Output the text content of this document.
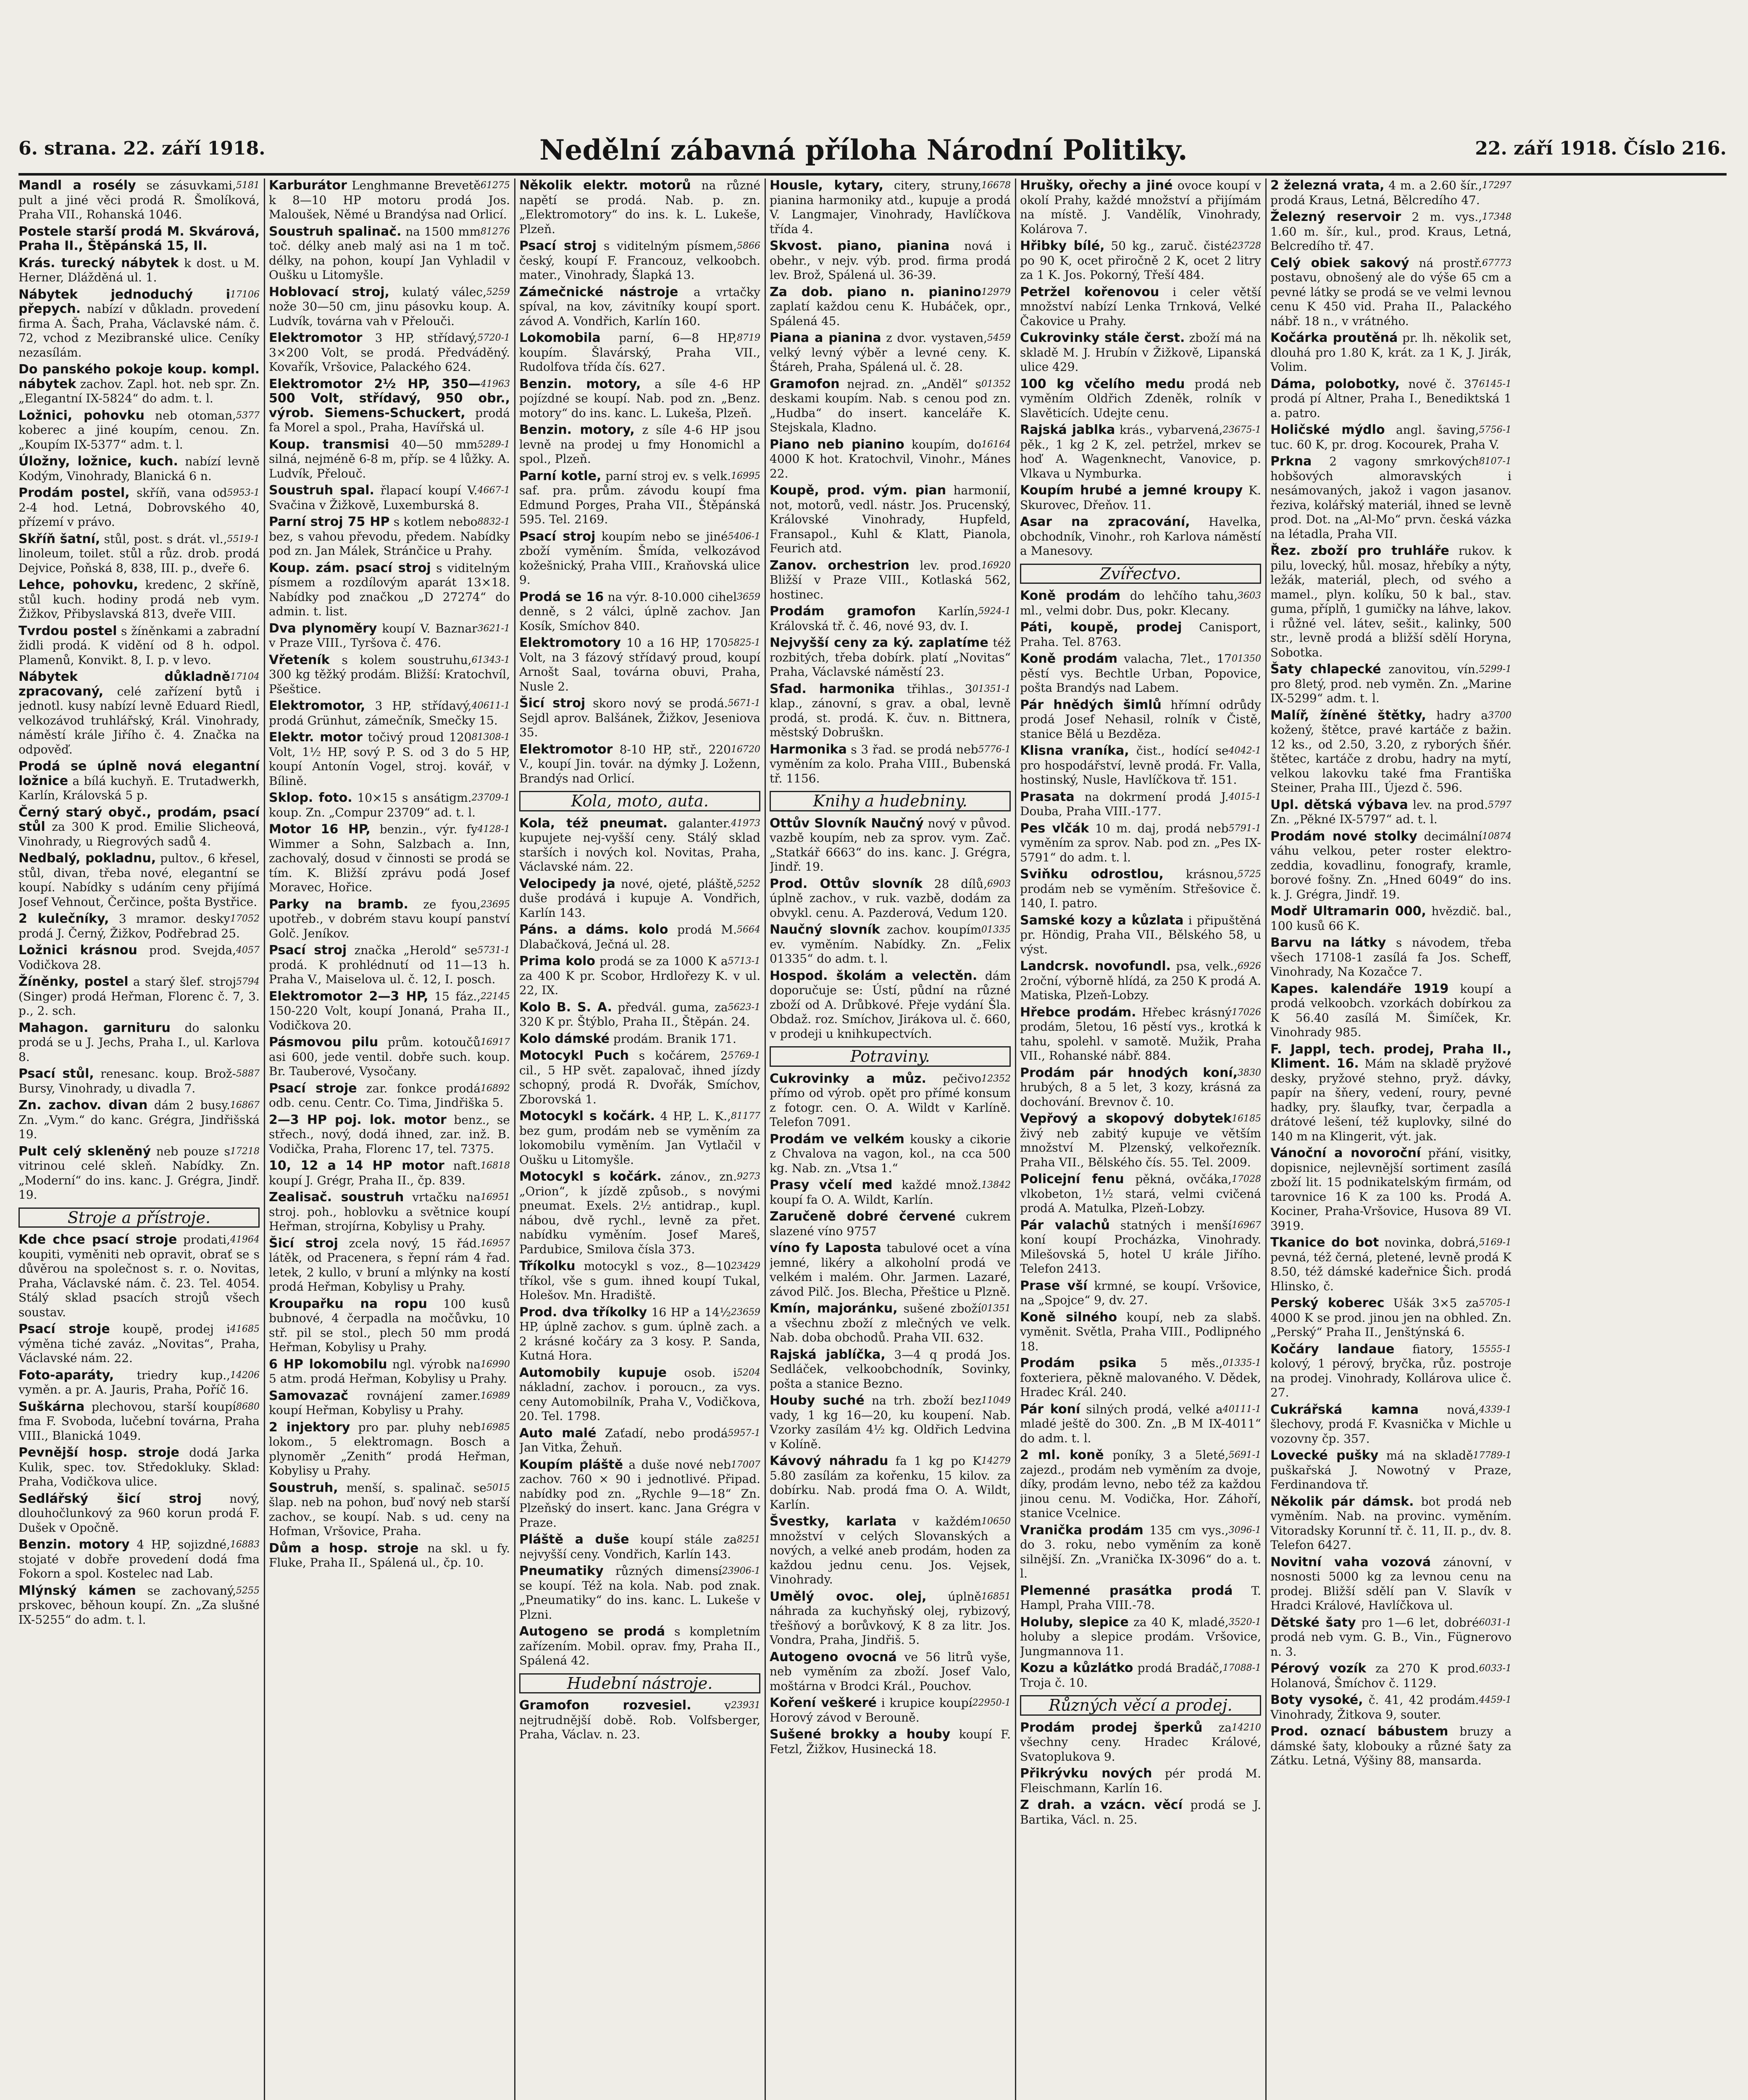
6. strana. 22. září 1918.	Nedělní zábavná příloha Národní Politiky.	22. září 1918. Číslo 216.
5181
Mandl a rosély se zásuvkami, pult a jiné věci prodá R. Šmolíková, Praha VII., Rohanská 1046.
Postele starší prodá M. Skvárová, Praha II., Štěpánská 15, II.
Krás. turecký nábytek k dost. u M. Herner, Dlážděná ul. 1.
17106
Nábytek jednoduchý i přepych. nabízí v důkladn. provedení firma A. Šach, Praha, Václavské nám. č. 72, vchod z Mezibranské ulice. Ceníky nezasílám.
Do panského pokoje koup. kompl. nábytek zachov. Zapl. hot. neb spr. Zn. „Elegantní IX-5824“ do adm. t. l.
5377
Ložnici, pohovku neb otoman, koberec a jiné koupím, cenou. Zn. „Koupím IX-5377“ adm. t. l.
Úložny, ložnice, kuch. nabízí levně Kodým, Vinohrady, Blanická 6 n.
5953-1
Prodám postel, skříň, vana od 2-4 hod. Letná, Dobrovského 40, přízemí v právo.
5519-1
Skříň šatní, stůl, post. s drát. vl., linoleum, toilet. stůl a růz. drob. prodá Dejvice, Poňská 8, 838, III. p., dveře 6.
Lehce, pohovku, kredenc, 2 skříně, stůl kuch. hodiny prodá neb vym. Žižkov, Přibyslavská 813, dveře VIII.
Tvrdou postel s žíněnkami a zabradní židli prodá. K vidění od 8 h. odpol. Plamenů, Konvikt. 8, I. p. v levo.
17104
Nábytek důkladně zpracovaný, celé zařízení bytů i jednotl. kusy nabízí levně Eduard Riedl, velkozávod truhlářský, Král. Vinohrady, náměstí krále Jiřího č. 4. Značka na odpověď.
Prodá se úplně nová elegantní ložnice a bílá kuchyň. E. Trutadwerkh, Karlín, Královská 5 p.
Černý starý obyč., prodám, psací stůl za 300 K prod. Emilie Slicheová, Vinohrady, u Riegrových sadů 4.
Nedbalý, pokladnu, pultov., 6 křesel, stůl, divan, třeba nové, elegantní se koupí. Nabídky s udáním ceny přijímá Josef Vehnout, Čerčince, pošta Bystřice.
17052
2 kulečníky, 3 mramor. desky prodá J. Černý, Žižkov, Podřebrad 25.
4057
Ložnici krásnou prod. Svejda, Vodičkova 28.
5794
Žíněnky, postel a starý šlef. stroj (Singer) prodá Heřman, Florenc č. 7, 3. p., 2. sch.
Mahagon. garnituru do salonku prodá se u J. Jechs, Praha I., ul. Karlova 8.
5887
Psací stůl, renesanc. koup. Brož-Bursy, Vinohrady, u divadla 7.
16867
Zn. zachov. divan dám 2 busy. Zn. „Vym.“ do kanc. Grégra, Jindřišská 19.
17218
Pult celý skleněný neb pouze s vitrinou celé skleň. Nabídky. Zn. „Moderní“ do ins. kanc. J. Grégra, Jindř. 19.
Stroje a přístroje.
41964
Kde chce psací stroje prodati, koupiti, vyměniti neb opravit, obrať se s důvěrou na společnost s. r. o. Novitas, Praha, Václavské nám. č. 23. Tel. 4054. Stálý sklad psacích strojů všech soustav.
41685
Psací stroje koupě, prodej i výměna tiché zaváz. „Novitas“, Praha, Václavské nám. 22.
14206
Foto-aparáty, triedry kup., vyměn. a pr. A. Jauris, Praha, Poříč 16.
8680
Suškárna plechovou, starší koupí fma F. Svoboda, lučební továrna, Praha VIII., Blanická 1049.
Pevnější hosp. stroje dodá Jarka Kulik, spec. tov. Středokluky. Sklad: Praha, Vodičkova ulice.
Sedlářský šicí stroj nový, dlouhočlunkový za 960 korun prodá F. Dušek v Opočně.
16883
Benzin. motory 4 HP, sojizdné, stojaté v dobře provedení dodá fma Fokorn a spol. Kostelec nad Lab.
5255
Mlýnský kámen se zachovaný, prskovec, běhoun koupí. Zn. „Za slušné IX-5255“ do adm. t. l.
61275
Karburátor Lenghmanne Brevetě k 8—10 HP motoru prodá Jos. Maloušek, Němé u Brandýsa nad Orlicí.
81276
Soustruh spalinač. na 1500 mm toč. délky aneb malý asi na 1 m toč. délky, na pohon, koupí Jan Vyhladil v Oušku u Litomyšle.
5259
Hoblovací stroj, kulatý válec, nože 30—50 cm, jinu pásovku koup. A. Ludvík, továrna vah v Přelouči.
5720-1
Elektromotor 3 HP, střídavý, 3×200 Volt, se prodá. Předváděný. Kovařík, Vršovice, Palackého 624.
41963
Elektromotor 2½ HP, 350—500 Volt, střídavý, 950 obr., výrob. Siemens-Schuckert, prodá fa Morel a spol., Praha, Havířská ul.
5289-1
Koup. transmisi 40—50 mm silná, nejméně 6-8 m, příp. se 4 lůžky. A. Ludvík, Přelouč.
4667-1
Soustruh spal. řlapací koupí V. Svačina v Žižkově, Luxemburská 8.
8832-1
Parní stroj 75 HP s kotlem nebo bez, s vahou převodu, předem. Nabídky pod zn. Jan Málek, Stránčice u Prahy.
Koup. zám. psací stroj s viditelným písmem a rozdílovým aparát 13×18. Nabídky pod značkou „D 27274“ do admin. t. list.
3621-1
Dva plynoměry koupí V. Baznar v Praze VIII., Tyršova č. 476.
61343-1
Vřeteník s kolem soustruhu, 300 kg těžký prodám. Bližší: Kratochvíl, Pšeštice.
40611-1
Elektromotor, 3 HP, střídavý, prodá Grünhut, zámečník, Smečky 15.
81308-1
Elektr. motor točivý proud 120 Volt, 1½ HP, sový P. S. od 3 do 5 HP, koupí Antonín Vogel, stroj. kovář, v Bílině.
23709-1
Sklop. foto. 10×15 s ansátigm. koup. Zn. „Compur 23709“ ad. t. l.
4128-1
Motor 16 HP, benzin., výr. fy Wimmer a Sohn, Salzbach a. Inn, zachovalý, dosud v činnosti se prodá se tím. K. Bližší zprávu podá Josef Moravec, Hořice.
23695
Parky na bramb. ze fyou, upotřeb., v dobrém stavu koupí panství Golč. Jeníkov.
5731-1
Psací stroj značka „Herold“ se prodá. K prohlédnutí od 11—13 h. Praha V., Maiselova ul. č. 12, I. posch.
22145
Elektromotor 2—3 HP, 15 fáz., 150-220 Volt, koupí Jonaná, Praha II., Vodičkova 20.
16917
Pásmovou pilu prům. kotoučů asi 600, jede ventil. dobře such. koup. Br. Tauberové, Vysočany.
16892
Psací stroje zar. fonkce prodá odb. cenu. Centr. Co. Tima, Jindřiška 5.
2—3 HP poj. lok. motor benz., se střech., nový, dodá ihned, zar. inž. B. Vodička, Praha, Florenc 17, tel. 7375.
16818
10, 12 a 14 HP motor naft. koupí J. Grégr, Praha II., čp. 839.
16951
Zealisač. soustruh vrtačku na stroj. poh., hoblovku a světnice koupí Heřman, strojírna, Kobylisy u Prahy.
16957
Šicí stroj zcela nový, 15 řád. látěk, od Pracenera, s řepní rám 4 řad. letek, 2 kullo, v bruní a mlýnky na kostí prodá Heřman, Kobylisy u Prahy.
Kroupařku na ropu 100 kusů bubnové, 4 čerpadla na močůvku, 10 stř. pil se stol., plech 50 mm prodá Heřman, Kobylisy u Prahy.
16990
6 HP lokomobilu ngl. výrobk na 5 atm. prodá Heřman, Kobylisy u Prahy.
16989
Samovazač rovnájení zamer. koupí Heřman, Kobylisy u Prahy.
16985
2 injektory pro par. pluhy neb lokom., 5 elektromagn. Bosch a plynoměr „Zenith“ prodá Heřman, Kobylisy u Prahy.
5015
Soustruh, menší, s. spalinač. se šlap. neb na pohon, buď nový neb starší zachov., se koupí. Nab. s ud. ceny na Hofman, Vršovice, Praha.
Dům a hosp. stroje na skl. u fy. Fluke, Praha II., Spálená ul., čp. 10.
Několik elektr. motorů na různé napětí se prodá. Nab. p. zn. „Elektromotory“ do ins. k. L. Lukeše, Plzeň.
5866
Psací stroj s viditelným písmem, český, koupí F. Francouz, velkoobch. mater., Vinohrady, Šlapká 13.
Zámečnické nástroje a vrtačky spíval, na kov, závitníky koupí sport. závod A. Vondřich, Karlín 160.
8719
Lokomobila parní, 6—8 HP, koupím. Šlavárský, Praha VII., Rudolfova třída čís. 627.
Benzin. motory, a síle 4-6 HP pojízdné se koupí. Nab. pod zn. „Benz. motory“ do ins. kanc. L. Lukeša, Plzeň.
Benzin. motory, z síle 4-6 HP jsou levně na prodej u fmy Honomichl a spol., Plzeň.
16995
Parní kotle, parní stroj ev. s velk. saf. pra. prům. závodu koupí fma Edmund Porges, Praha VII., Štěpánská 595. Tel. 2169.
5406-1
Psací stroj koupím nebo se jiné zboží vyměním. Šmída, velkozávod kožešnický, Praha VIII., Kraňovská ulice 9.
3659
Prodá se 16 na výr. 8-10.000 cihel denně, s 2 válci, úplně zachov. Jan Kosík, Smíchov 840.
5825-1
Elektromotory 10 a 16 HP, 170 Volt, na 3 fázový střídavý proud, koupí Arnošt Saal, továrna obuvi, Praha, Nusle 2.
5671-1
Šicí stroj skoro nový se prodá. Sejdl aprov. Balšánek, Žižkov, Jeseniova 35.
16720
Elektromotor 8-10 HP, stř., 220 V., koupí Jin. továr. na dýmky J. Loženn, Brandýs nad Orlicí.
Kola, moto, auta.
41973
Kola, též pneumat. galanter. kupujete nej-vyšší ceny. Stálý sklad starších i nových kol. Novitas, Praha, Václavské nám. 22.
5252
Velocipedy ja nové, ojeté, pláště, duše prodává i kupuje A. Vondřich, Karlín 143.
5664
Páns. a dáms. kolo prodá M. Dlabačková, Ječná ul. 28.
5713-1
Prima kolo prodá se za 1000 K a za 400 K pr. Scobor, Hrdlořezy K. v ul. 22, IX.
5623-1
Kolo B. S. A. předvál. guma, za 320 K pr. Štýblo, Praha II., Štěpán. 24.
Kolo dámské prodám. Branik 171.
5769-1
Motocykl Puch s kočárem, 2 cil., 5 HP svět. zapalovač, ihned jízdy schopný, prodá R. Dvořák, Smíchov, Zborovská 1.
81177
Motocykl s kočárk. 4 HP, L. K., bez gum, prodám neb se vyměním za lokomobilu vyměním. Jan Vytlačil v Oušku u Litomyšle.
9273
Motocykl s kočárk. zánov., zn. „Orion“, k jízdě způsob., s novými pneumat. Exels. 2½ antidrap., kupl. nábou, dvě rychl., levně za přet. nabídku vyměním. Josef Mareš, Pardubice, Smilova čísla 373.
23429
Tříkolku motocykl s voz., 8—10 tříkol, vše s gum. ihned koupí Tukal, Holešov. Mn. Hradiště.
23659
Prod. dva tříkolky 16 HP a 14½ HP, úplně zachov. s gum. úplně zach. a 2 krásné kočáry za 3 kosy. P. Sanda, Kutná Hora.
5204
Automobily kupuje osob. i nákladní, zachov. i poroucn., za vys. ceny Automobilník, Praha V., Vodičkova, 20. Tel. 1798.
5957-1
Auto malé Zaťadí, nebo prodá Jan Vitka, Žehuň.
17007
Koupím pláště a duše nové neb zachov. 760 × 90 i jednotlivé. Připad. nabídky pod zn. „Rychle 9—18“ Zn. Plzeňský do insert. kanc. Jana Grégra v Praze.
8251
Pláště a duše koupí stále za nejvyšší ceny. Vondřich, Karlín 143.
23906-1
Pneumatiky různých dimensí se koupí. Též na kola. Nab. pod znak. „Pneumatiky“ do ins. kanc. L. Lukeše v Plzni.
Autogeno se prodá s kompletním zařízením. Mobil. oprav. fmy, Praha II., Spálená 42.
Hudební nástroje.
23931
Gramofon rozvesiel.	v nejtrudnější době. Rob. Volfsberger, Praha, Václav. n. 23.
16678
Housle, kytary, citery, struny, pianina harmoniky atd., kupuje a prodá V. Langmajer, Vinohrady, Havlíčkova třída 4.
Skvost. piano, pianina nová i obehr., v nejv. výb. prod. firma prodá lev. Brož, Spálená ul. 36-39.
12979
Za dob. piano n. pianino zaplatí každou cenu K. Hubáček, opr., Spálená 45.
5459
Piana a pianina z dvor. vystaven, velký levný výběr a levné ceny. K. Štáreh, Praha, Spálená ul. č. 28.
01352
Gramofon nejrad. zn. „Anděl“ s deskami koupím. Nab. s cenou pod zn. „Hudba“ do insert. kanceláře K. Stejskala, Kladno.
16164
Piano neb pianino koupím, do 4000 K hot. Kratochvil, Vinohr., Mánes 22.
Koupě, prod. vým. pian harmonií, not, motorů, vedl. nástr. Jos. Prucenský, Královské Vinohrady, Hupfeld, Fransapol., Kuhl & Klatt, Pianola, Feurich atd.
16920
Zanov. orchestrion lev. prod. Bližší v Praze VIII., Kotlaská 562, hostinec.
5924-1
Prodám gramofon Karlín, Královská tř. č. 46, nové 93, dv. I.
Nejvyšší ceny za ký. zaplatíme též rozbitých, třeba dobírk. platí „Novitas“ Praha, Václavské náměstí 23.
01351-1
Sfad. harmonika třihlas., 3 klap., zánovní, s grav. a obal, levně prodá, st. prodá. K. čuv. n. Bittnera, městský Dobruškn.
5776-1
Harmonika s 3 řad. se prodá neb vyměním za kolo. Praha VIII., Bubenská tř. 1156.
Knihy a hudebniny.
Ottův Slovník Naučný nový v původ. vazbě koupím, neb za sprov. vym. Zač. „Statkář 6663“ do ins. kanc. J. Grégra, Jindř. 19.
6903
Prod. Ottův slovník 28 dílů, úplně zachov., v ruk. vazbě, dodám za obvykl. cenu. A. Pazderová, Vedum 120.
01335
Naučný slovník zachov. koupím ev. vyměním. Nabídky. Zn. „Felix 01335“ do adm. t. l.
Hospod. školám a velectěn. dám doporučuje se: Ústí, půdní na různé zboží od A. Drůbkové. Přeje vydání Šla. Obdaž. roz. Smíchov, Jirákova ul. č. 660, v prodeji u knihkupectvích.
Potraviny.
12352
Cukrovinky a můz. pečivo přímo od výrob. opět pro přímé konsum z fotogr. cen. O. A. Wildt v Karlíně. Telefon 7091.
Prodám ve velkém kousky a cikorie z Chvalova na vagon, kol., na cca 500 kg. Nab. zn. „Vtsa 1.“
13842
Prasy včelí med každé množ. koupí fa O. A. Wildt, Karlín.
Zaručeně dobré červené cukrem slazené víno 9757
víno fy Laposta tabulové ocet a vína jemné, likéry a alkoholní prodá ve velkém i malém. Ohr. Jarmen. Lazaré, závod Pilč. Jos. Blecha, Přeštice u Plzně.
01351
Kmín, majoránku, sušené zboží a všechnu zboží z mlečných ve velk. Nab. doba obchodů. Praha VII. 632.
Rajská jablíčka, 3—4 q prodá Jos. Sedláček, velkoobchodník, Sovinky, pošta a stanice Bezno.
11049
Houby suché na trh. zboží bez vady, 1 kg 16—20, ku koupení. Nab. Vzorky zasílám 4½ kg. Oldřich Ledvina v Kolíně.
14279
Kávový náhradu fa 1 kg po K 5.80 zasílám za kořenku, 15 kilov. za dobírku. Nab. prodá fma O. A. Wildt, Karlín.
10650
Švestky, karlata v každém množství v celých Slovanských a nových, a velké aneb prodám, hoden za každou jednu cenu. Jos. Vejsek, Vinohrady.
16851
Umělý ovoc. olej, úplně náhrada za kuchyňský olej, rybizový, třešňový a borůvkový, K 8 za litr. Jos. Vondra, Praha, Jindřiš. 5.
Autogeno ovocná ve 56 litrů vyše, neb vyměním za zboží. Josef Valo, moštárna v Brodci Král., Pouchov.
22950-1
Koření veškeré i krupice koupí Horový závod v Berouně.
Sušené brokky a houby koupí F. Fetzl, Žižkov, Husinecká 18.
Hrušky, ořechy a jiné ovoce koupí v okolí Prahy, každé množství a přijímám na místě. J. Vandělík, Vinohrady, Kolárova 7.
23728
Hřibky bílé, 50 kg., zaruč. čisté po 90 K, ocet přiročně 2 K, ocet 2 litry za 1 K. Jos. Pokorný, Třeší 484.
Petržel kořenovou i celer větší množství nabízí Lenka Trnková, Velké Čakovice u Prahy.
Cukrovinky stále čerst. zboží má na skladě M. J. Hrubín v Žižkově, Lipanská ulice 429.
100 kg včelího medu prodá neb vyměním Oldřich Zdeněk, rolník v Slavěticích. Udejte cenu.
23675-1
Rajská jablka krás., vybarvená, pěk., 1 kg 2 K, zel. petržel, mrkev se hoď A. Wagenknecht, Vanovice, p. Vlkava u Nymburka.
Koupím hrubé a jemné kroupy K. Skurovec, Dřeňov. 11.
Asar na zpracování, Havelka, obchodník, Vinohr., roh Karlova náměstí a Manesovy.
Zvířectvo.
3603
Koně prodám do lehčího tahu, ml., velmi dobr. Dus, pokr. Klecany.
Páti, koupě, prodej Canisport, Praha. Tel. 8763.
01350
Koně prodám valacha, 7let., 17 pěstí vys. Bechtle Urban, Popovice, pošta Brandýs nad Labem.
Pár hnědých šimlů hřímní odrůdy prodá Josef Nehasil, rolník v Čistě, stanice Bělá u Bezděza.
4042-1
Klisna vraníka, čist., hodící se pro hospodářství, levně prodá. Fr. Valla, hostinský, Nusle, Havlíčkova tř. 151.
4015-1
Prasata na dokrmení prodá J. Douba, Praha VIII.-177.
5791-1
Pes vlčák 10 m. daj, prodá neb vyměním za sprov. Nab. pod zn. „Pes IX-5791“ do adm. t. l.
5725
Sviňku odrostlou, krásnou, prodám neb se vyměním. Střešovice č. 140, I. patro.
Samské kozy a kůzlata i připuštěná pr. Höndig, Praha VII., Bělského 58, u výst.
6926
Landcrsk. novofundl. psa, velk., 2roční, výborně hlídá, za 250 K prodá A. Matiska, Plzeň-Lobzy.
17026
Hřebce prodám. Hřebec krásný prodám, 5letou, 16 pěstí vys., krotká k tahu, spolehl. v samotě. Mužik, Praha VII., Rohanské nábř. 884.
3830
Prodám pár hnodých koní, hrubých, 8 a 5 let, 3 kozy, krásná za dochování. Brevnov č. 10.
16185
Vepřový a skopový dobytek živý neb zabitý kupuje ve větším množství M. Plzenský, velkořezník. Praha VII., Bělského čís. 55. Tel. 2009.
17028
Policejní fenu pěkná, ovčáka, vlkobeton, 1½ stará, velmi cvičená prodá A. Matulka, Plzeň-Lobzy.
16967
Pár valachů statných i menší koní koupí Procházka, Vinohrady. Milešovská 5, hotel U krále Jiřího. Telefon 2413.
Prase vší krmné, se koupí. Vršovice, na „Spojce“ 9, dv. 27.
Koně silného koupí, neb za slabš. vyměnit. Světla, Praha VIII., Podlipného 18.
01335-1
Prodám psika 5 měs., foxteriera, pěkně malovaného. V. Dědek, Hradec Král. 240.
40111-1
Pár koní silných prodá, velké a mladé ještě do 300. Zn. „B M IX-4011“ do adm. t. l.
5691-1
2 ml. koně poníky, 3 a 5leté, zajezd., prodám neb vyměním za dvoje, díky, prodám levno, nebo též za každou jinou cenu. M. Vodička, Hor. Záhoří, stanice Vcelnice.
3096-1
Vranička prodám 135 cm vys., do 3. roku, nebo vyměním za koně silnější. Zn. „Vranička IX-3096“ do a. t. l.
Plemenné prasátka prodá T. Hampl, Praha VIII.-78.
3520-1
Holuby, slepice za 40 K, mladé, holuby a slepice prodám. Vršovice, Jungmannova 11.
17088-1
Kozu a kůzlátko prodá Bradáč, Troja č. 10.
Různých věcí a prodej.
14210
Prodám prodej šperků za všechny ceny. Hradec Králové, Svatoplukova 9.
Přikrývku nových pér prodá M. Fleischmann, Karlín 16.
Z drah. a vzácn. věcí prodá se J. Bartika, Václ. n. 25.
17297
2 železná vrata, 4 m. a 2.60 šír., prodá Kraus, Letná, Bělcredího 47.
17348
Železný reservoir 2 m. vys., 1.60 m. šír., kul., prod. Kraus, Letná, Belcredího tř. 47.
67773
Celý obiek sakový ná prostř. postavu, obnošený ale do výše 65 cm a pevné látky se prodá se ve velmi levnou cenu K 450 vid. Praha II., Palackého nábř. 18 n., v vrátného.
Kočárka proutěná pr. lh. několik set, dlouhá pro 1.80 K, krát. za 1 K, J. Jirák, Volim.
6145-1
Dáma, polobotky, nové č. 37 prodá pí Altner, Praha I., Benediktská 1 a. patro.
5756-1
Holičské mýdlo angl. šaving, tuc. 60 K, pr. drog. Kocourek, Praha V.
8107-1
Prkna 2 vagony smrkových hobšových almoravských i nesámovaných, jakož i vagon jasanov. řeziva, kolářský materiál, ihned se levně prod. Dot. na „Al-Mo“ prvn. česká vázka na létadla, Praha VII.
Řez. zboží pro truhláře rukov. k pilu, lovecký, hůl. mosaz, hřebíky a nýty, ležák, materiál, plech, od svého a mamel., plyn. kolíku, 50 k bal., stav. guma, příplň, 1 gumičky na láhve, lakov. i růžné vel. látev, sešit., kalinky, 500 str., levně prodá a bližší sdělí Horyna, Sobotka.
5299-1
Šaty chlapecké zanovitou, vín. pro 8letý, prod. neb vyměn. Zn. „Marine IX-5299“ adm. t. l.
3700
Malíř, žíněné štětky, hadry a kožený, štětce, pravé kartáče z bažin. 12 ks., od 2.50, 3.20, z ryborých šňér. štětec, kartáče z drobu, hadry na mytí, velkou lakovku také fma Františka Steiner, Praha III., Újezd č. 596.
5797
Upl. dětská výbava lev. na prod. Zn. „Pěkné IX-5797“ ad. t. l.
10874
Prodám nové stolky decimální váhu velkou, peter roster elektro-zeddia, kovadlinu, fonografy, kramle, borové fošny. Zn. „Hned 6049“ do ins. k. J. Grégra, Jindř. 19.
Modř Ultramarin 000, hvězdič. bal., 100 kusů 66 K.
Barvu na látky s návodem, třeba všech 17108-1 zasílá fa Jos. Scheff, Vinohrady, Na Kozačce 7.
Kapes. kalendáře 1919 koupí a prodá velkoobch. vzorkách dobírkou za K 56.40 zasílá M. Šimíček, Kr. Vinohrady 985.
F. Jappl, tech. prodej, Praha II., Kliment. 16. Mám na skladě pryžové desky, pryžové stehno, pryž. dávky, papír na šňery, vedení, roury, pevné hadky, pry. šlaufky, tvar, čerpadla a drátové lešení, též kuplovky, silné do 140 m na Klingerit, výt. jak.
Vánoční a novoroční přání, visitky, dopisnice, nejlevnější sortiment zasílá zboží lit. 15 podnikatelským firmám, od tarovnice 16 K za 100 ks. Prodá A. Kociner, Praha-Vršovice, Husova 89 VI. 3919.
5169-1
Tkanice do bot novinka, dobrá, pevná, též černá, pletené, levně prodá K 8.50, též dámské kadeřnice Šich. prodá Hlinsko, č.
5705-1
Perský koberec Ušák 3×5 za 4000 K se prod. jinou jen na obhled. Zn. „Perský“ Praha II., Jenštýnská 6.
5555-1
Kočáry landaue fiatory, 1 kolový, 1 pérový, bryčka, růz. postroje na prodej. Vinohrady, Kollárova ulice č. 27.
4339-1
Cukrářská kamna nová, šlechovy, prodá F. Kvasnička v Michle u vozovny čp. 357.
17789-1
Lovecké pušky má na skladě puškařská J. Nowotný v Praze, Ferdinandova tř.
Několik pár dámsk. bot prodá neb vyměním. Nab. na provinc. vyměním. Vitoradsky Korunní tř. č. 11, II. p., dv. 8. Telefon 6427.
Novitní vaha vozová zánovní, v nosnosti 5000 kg za levnou cenu na prodej. Bližší sdělí pan V. Slavík v Hradci Králové, Havlíčkova ul.
6031-1
Dětské šaty pro 1—6 let, dobré prodá neb vym. G. B., Vin., Fügnerovo n. 3.
6033-1
Pérový vozík za 270 K prod. Holanová, Šmíchov č. 1129.
4459-1
Boty vysoké, č. 41, 42 prodám. Vinohrady, Žitkova 9, souter.
Prod. oznací bábustem bruzy a dámské šaty, klobouky a různé šaty za Zátku. Letná, Výšiny 88, mansarda.
